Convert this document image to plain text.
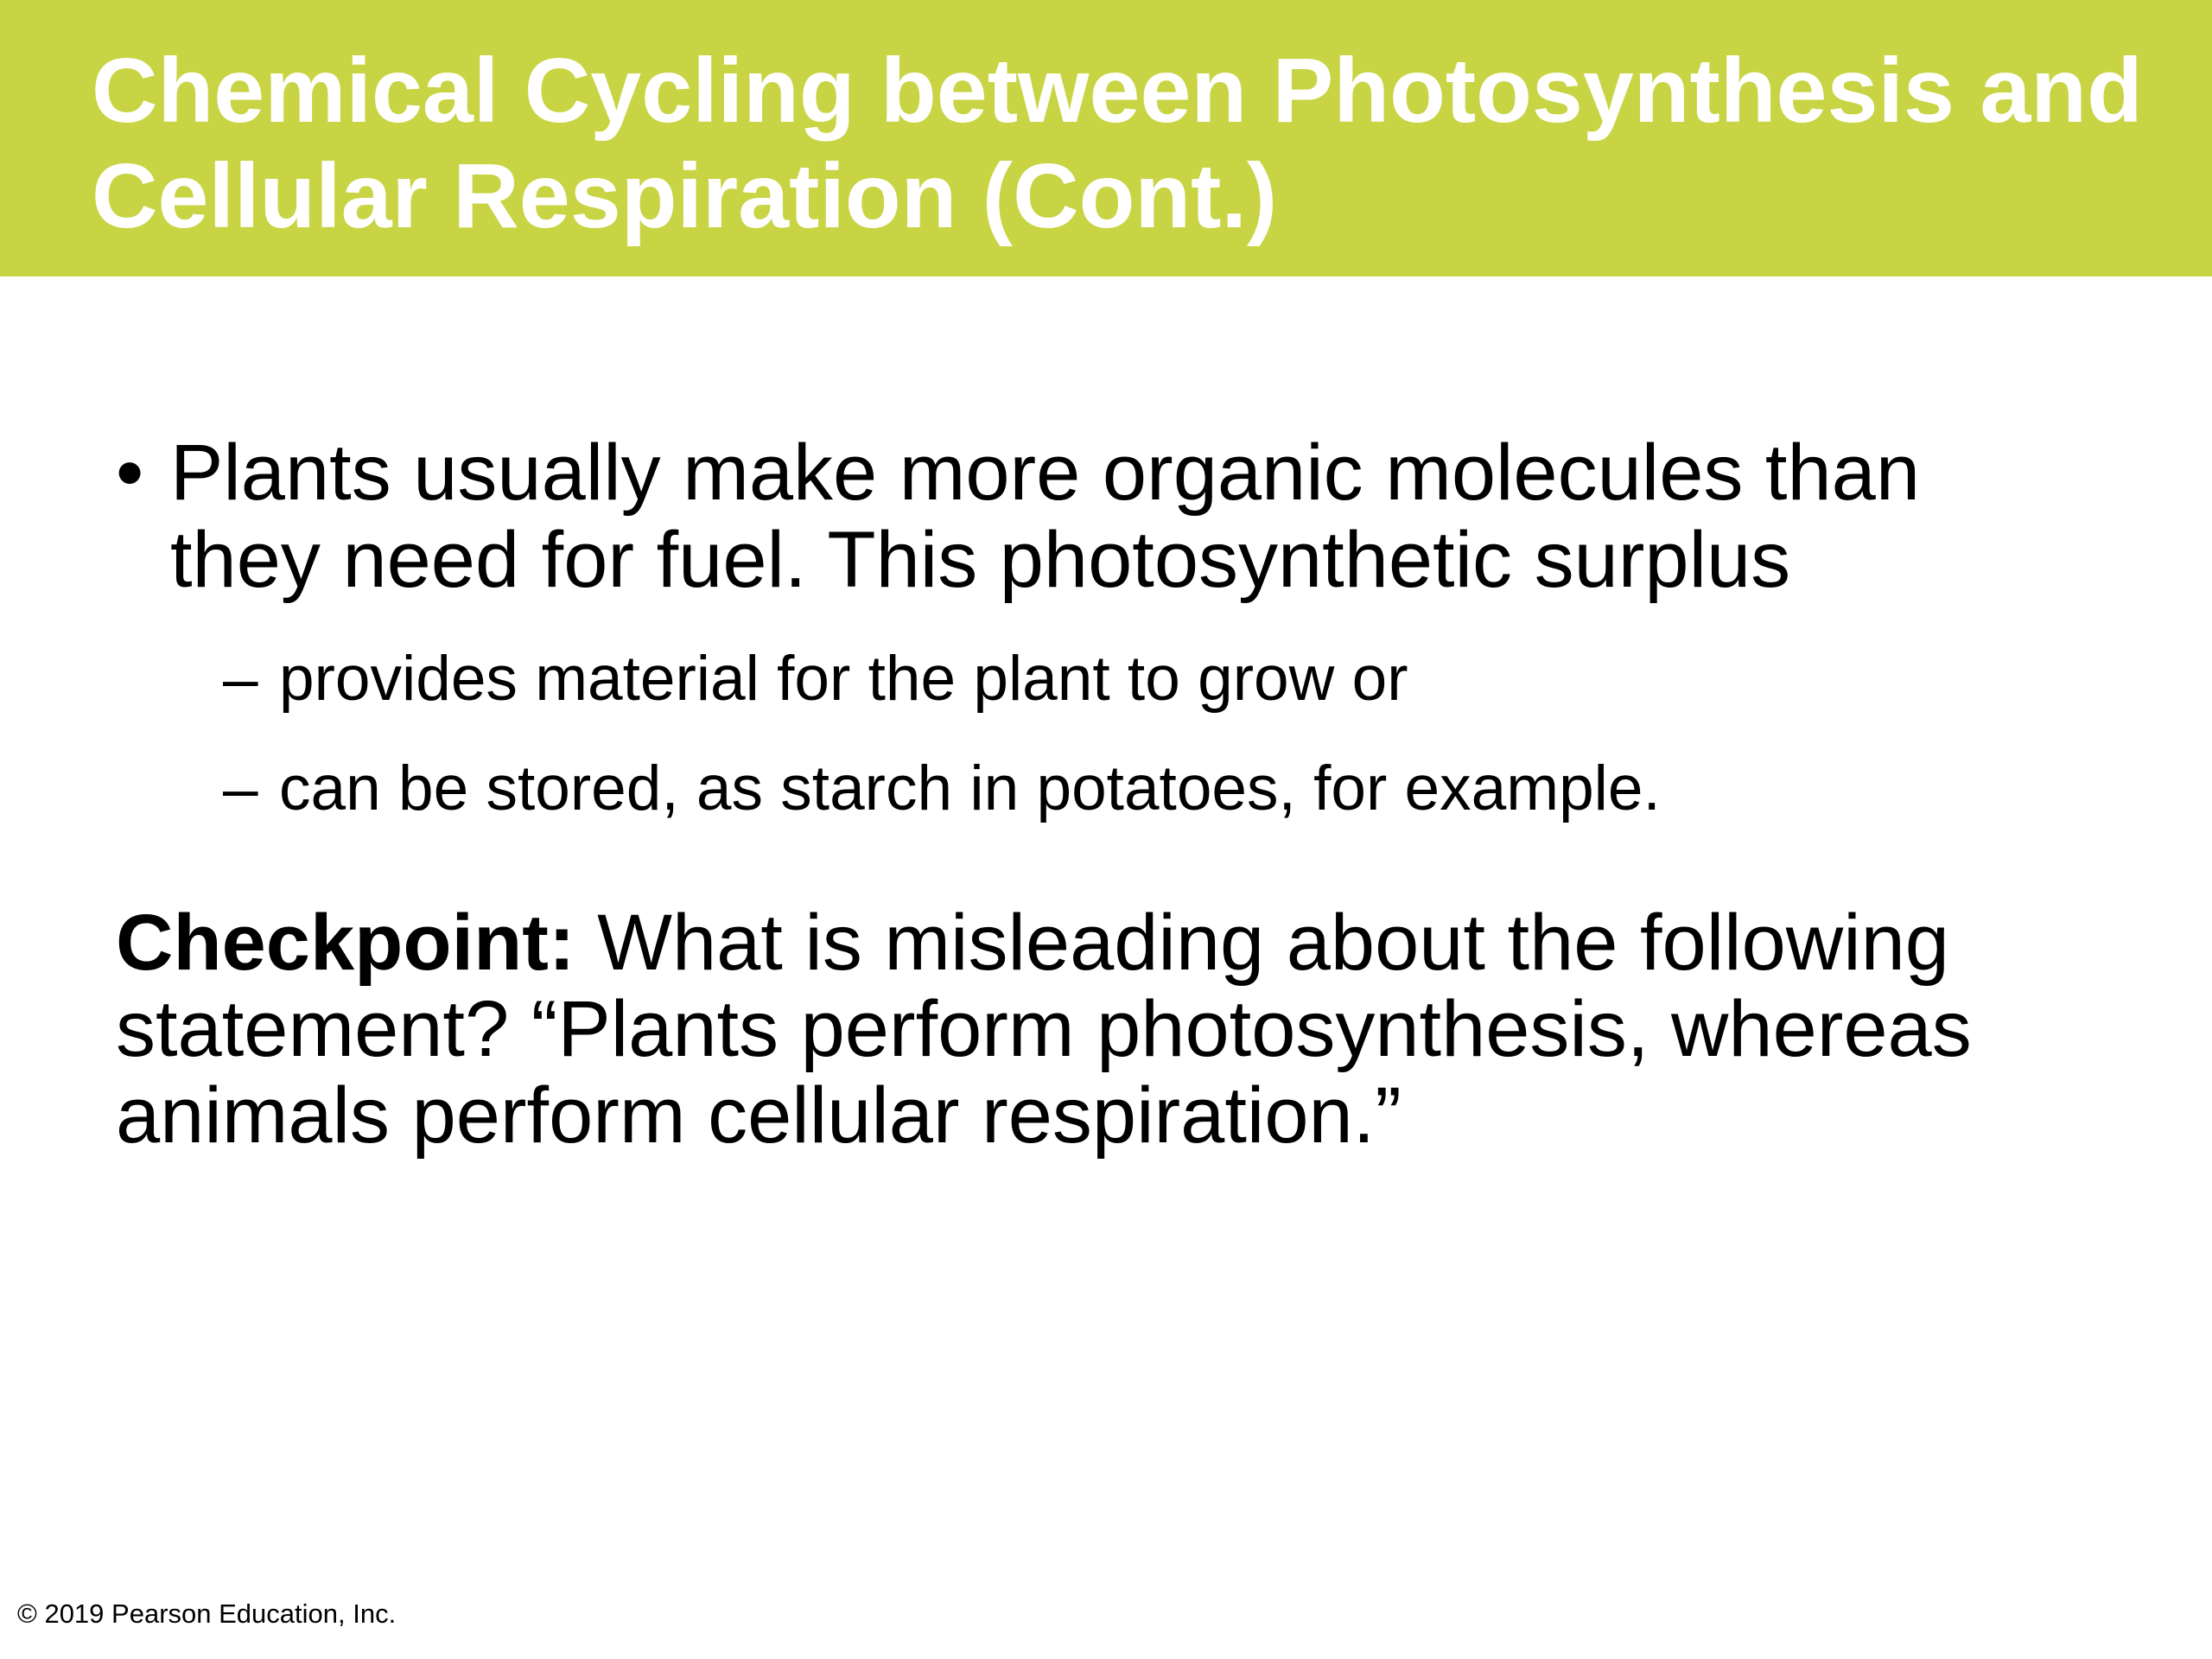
Chemical Cycling between Photosynthesis and Cellular Respiration (Cont.)
• Plants usually make more organic molecules than they need for fuel. This photosynthetic surplus
– provides material for the plant to grow or
– can be stored, as starch in potatoes, for example.

Checkpoint: What is misleading about the following statement? “Plants perform photosynthesis, whereas animals perform cellular respiration.”

© 2019 Pearson Education, Inc.
